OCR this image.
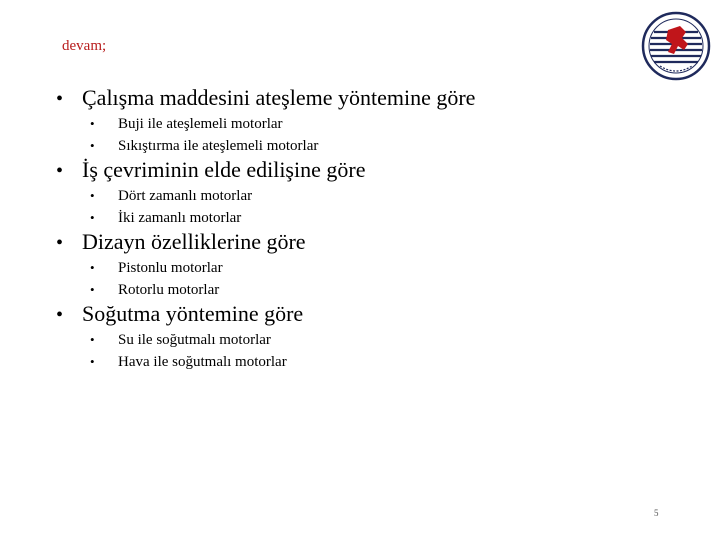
devam;
• Çalışma maddesini ateşleme yöntemine göre
•	Buji ile ateşlemeli motorlar
•	Sıkıştırma ile ateşlemeli motorlar
• İş çevriminin elde edilişine göre
•	Dört zamanlı motorlar
•	İki zamanlı motorlar
• Dizayn özelliklerine göre
•	Pistonlu motorlar
•	Rotorlu motorlar
• Soğutma yöntemine göre
•	Su ile soğutmalı motorlar
•	Hava ile soğutmalı motorlar
5
